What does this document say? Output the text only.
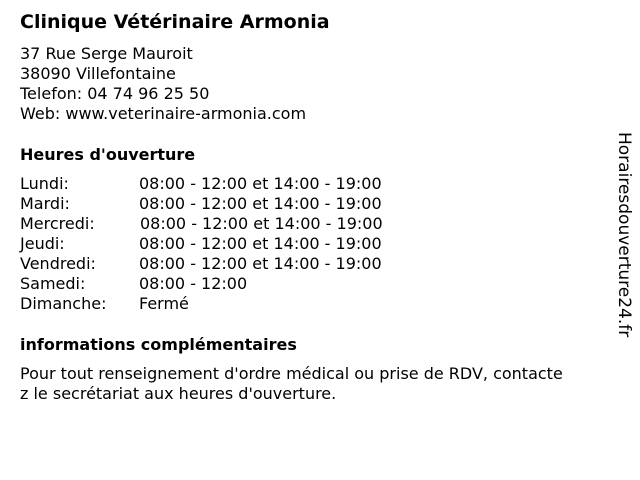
Clinique Vétérinaire Armonia
37 Rue Serge Mauroit
38090 Villefontaine
Telefon: 04 74 96 25 50
Web: www.veterinaire-armonia.com
Heures d'ouverture
Lundi:	08:00 - 12:00 et 14:00 - 19:00
Mardi:	08:00 - 12:00 et 14:00 - 19:00
Mercredi:	08:00 - 12:00 et 14:00 - 19:00
Jeudi:	08:00 - 12:00 et 14:00 - 19:00
Vendredi:	08:00 - 12:00 et 14:00 - 19:00
Samedi:	08:00 - 12:00
Dimanche: Fermé
informations complémentaires
Pour tout renseignement d'ordre médical ou prise de RDV, contacte
z le secrétariat aux heures d'ouverture.
Horairesdouverture24.fr
